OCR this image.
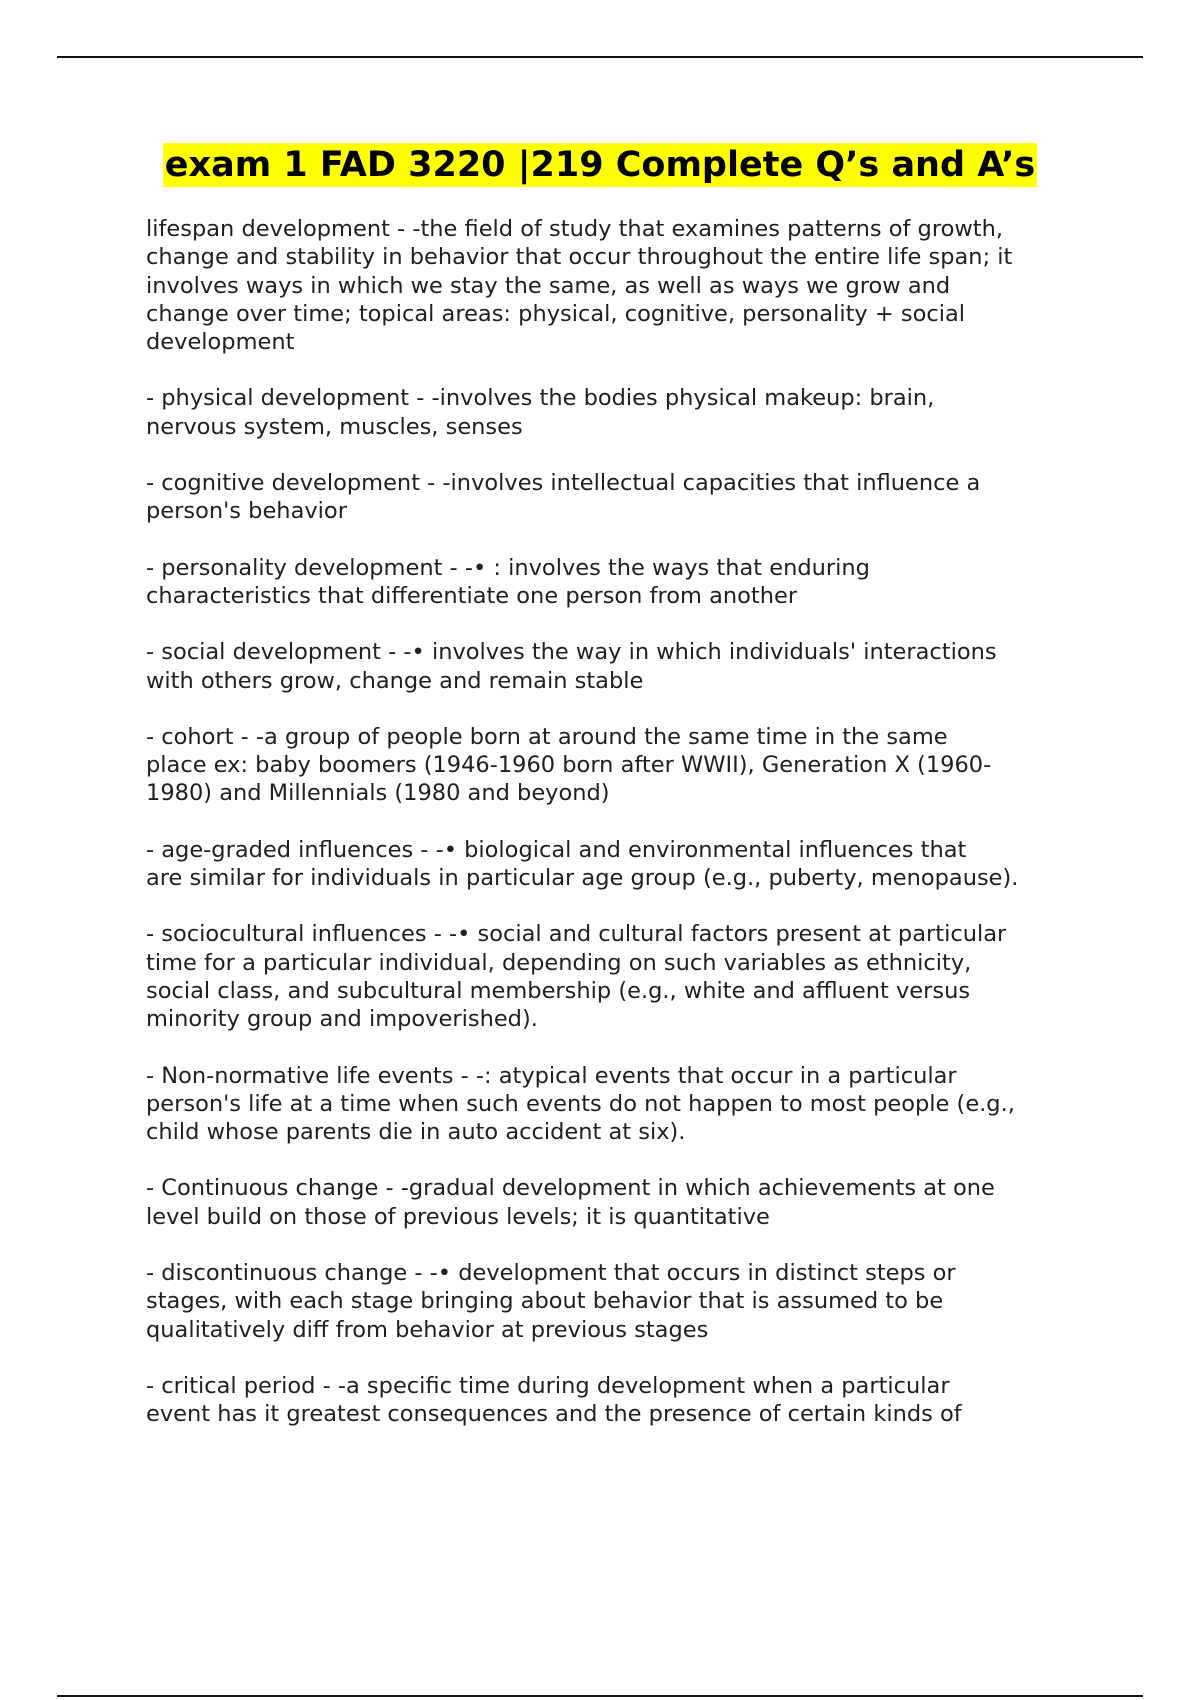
exam 1 FAD 3220 |219 Complete Q’s and A’s

lifespan development - -the field of study that examines patterns of growth,
change and stability in behavior that occur throughout the entire life span; it
involves ways in which we stay the same, as well as ways we grow and
change over time; topical areas: physical, cognitive, personality + social
development

- physical development - -involves the bodies physical makeup: brain,
nervous system, muscles, senses

- cognitive development - -involves intellectual capacities that influence a
person's behavior

- personality development - -• : involves the ways that enduring
characteristics that differentiate one person from another

- social development - -• involves the way in which individuals' interactions
with others grow, change and remain stable

- cohort - -a group of people born at around the same time in the same
place ex: baby boomers (1946-1960 born after WWII), Generation X (1960-
1980) and Millennials (1980 and beyond)

- age-graded influences - -• biological and environmental influences that
are similar for individuals in particular age group (e.g., puberty, menopause).

- sociocultural influences - -• social and cultural factors present at particular
time for a particular individual, depending on such variables as ethnicity,
social class, and subcultural membership (e.g., white and affluent versus
minority group and impoverished).

- Non-normative life events - -: atypical events that occur in a particular
person's life at a time when such events do not happen to most people (e.g.,
child whose parents die in auto accident at six).

- Continuous change - -gradual development in which achievements at one
level build on those of previous levels; it is quantitative

- discontinuous change - -• development that occurs in distinct steps or
stages, with each stage bringing about behavior that is assumed to be
qualitatively diff from behavior at previous stages

- critical period - -a specific time during development when a particular
event has it greatest consequences and the presence of certain kinds of
